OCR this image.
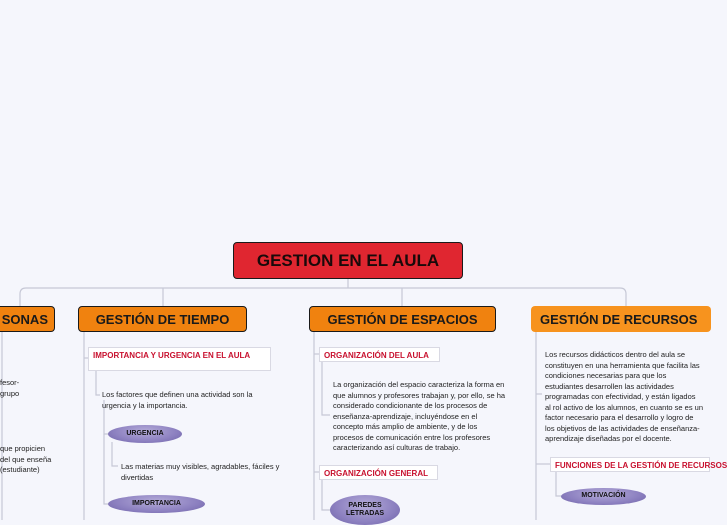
GESTION EN EL AULA
SONAS
fesor-
grupo
que propicien
del que enseña
(estudiante)
GESTIÓN DE TIEMPO
IMPORTANCIA Y URGENCIA EN EL AULA
Los factores que definen una actividad son la urgencia y la importancia.
URGENCIA
Las materias muy visibles, agradables, fáciles y divertidas
IMPORTANCIA
GESTIÓN DE ESPACIOS
ORGANIZACIÓN DEL AULA
La organización del espacio caracteriza la forma en que alumnos y profesores trabajan y, por ello, se ha considerado condicionante de los procesos de enseñanza-aprendizaje, incluyéndose en el concepto más amplio de ambiente, y de los procesos de comunicación entre los profesores caracterizando así culturas de trabajo.
ORGANIZACIÓN GENERAL
PAREDES LETRADAS
GESTIÓN DE RECURSOS
Los recursos didácticos dentro del aula se constituyen en una herramienta que facilita las condiciones necesarias para que los estudiantes desarrollen las actividades programadas con efectividad, y están ligados al rol activo de los alumnos, en cuanto se es un factor necesario para el desarrollo y logro de los objetivos de las actividades de enseñanza-aprendizaje diseñadas por el docente.
FUNCIONES DE LA GESTIÓN DE RECURSOS
MOTIVACIÓN
